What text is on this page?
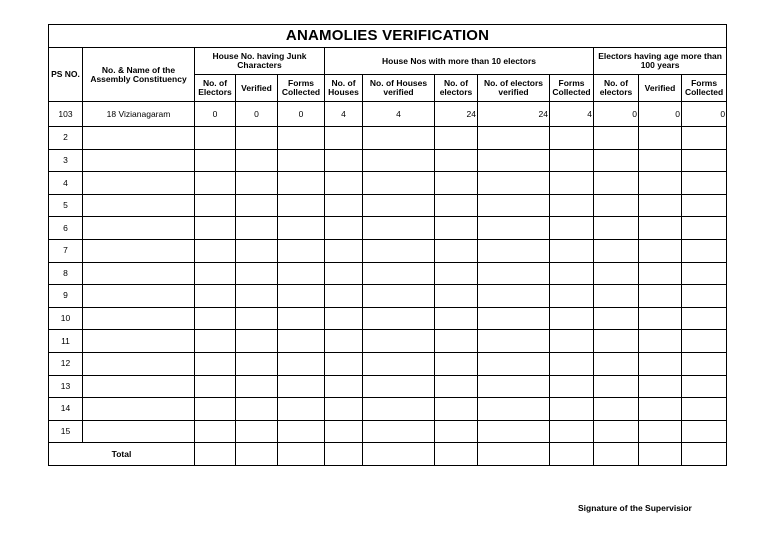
ANAMOLIES VERIFICATION												
PS NO.	No. & Name of the Assembly Constituency	House No. having Junk Characters			House Nos with more than 10 electors					Electors having age more than 100 years		
		No. of Electors	Verified	Forms Collected	No. of Houses	No. of Houses verified	No. of electors	No. of electors verified	Forms Collected	No. of electors	Verified	Forms Collected
103	18 Vizianagaram	0	0	0	4	4	24	24	4	0	0	0
2												
3												
4												
5												
6												
7												
8												
9												
10												
11												
12												
13												
14												
15												
Total												
Signature of the Supervisior
